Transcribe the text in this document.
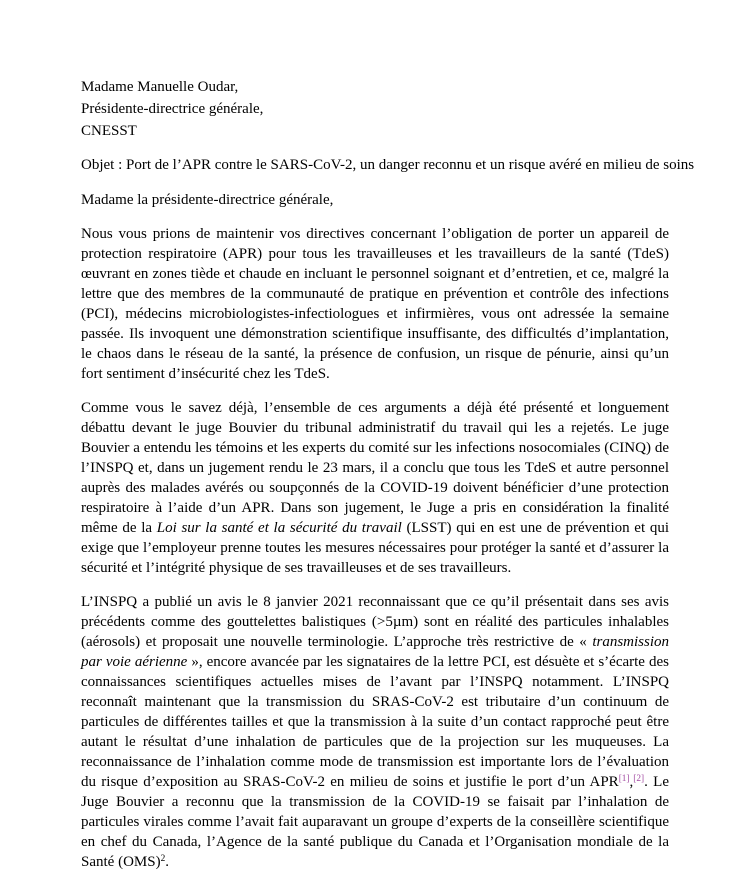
Madame Manuelle Oudar,
Présidente-directrice générale,
CNESST
Objet : Port de l’APR contre le SARS-CoV-2, un danger reconnu et un risque avéré en milieu de soins
Madame la présidente-directrice générale,

Nous vous prions de maintenir vos directives concernant l’obligation de porter un appareil de protection respiratoire (APR) pour tous les travailleuses et les travailleurs de la santé (TdeS) œuvrant en zones tiède et chaude en incluant le personnel soignant et d’entretien, et ce, malgré la lettre que des membres de la communauté de pratique en prévention et contrôle des infections (PCI), médecins microbiologistes-infectiologues et infirmières, vous ont adressée la semaine passée. Ils invoquent une démonstration scientifique insuffisante, des difficultés d’implantation, le chaos dans le réseau de la santé, la présence de confusion, un risque de pénurie, ainsi qu’un fort sentiment d’insécurité chez les TdeS.

Comme vous le savez déjà, l’ensemble de ces arguments a déjà été présenté et longuement débattu devant le juge Bouvier du tribunal administratif du travail qui les a rejetés. Le juge Bouvier a entendu les témoins et les experts du comité sur les infections nosocomiales (CINQ) de l’INSPQ et, dans un jugement rendu le 23 mars, il a conclu que tous les TdeS et autre personnel auprès des malades avérés ou soupçonnés de la COVID-19 doivent bénéficier d’une protection respiratoire à l’aide d’un APR. Dans son jugement, le Juge a pris en considération la finalité même de la Loi sur la santé et la sécurité du travail (LSST) qui en est une de prévention et qui exige que l’employeur prenne toutes les mesures nécessaires pour protéger la santé et d’assurer la sécurité et l’intégrité physique de ses travailleuses et de ses travailleurs.

L’INSPQ a publié un avis le 8 janvier 2021 reconnaissant que ce qu’il présentait dans ses avis précédents comme des gouttelettes balistiques (>5µm) sont en réalité des particules inhalables (aérosols) et proposait une nouvelle terminologie. L’approche très restrictive de « transmission par voie aérienne », encore avancée par les signataires de la lettre PCI, est désuète et s’écarte des connaissances scientifiques actuelles mises de l’avant par l’INSPQ notamment. L’INSPQ reconnaît maintenant que la transmission du SRAS-CoV-2 est tributaire d’un continuum de particules de différentes tailles et que la transmission à la suite d’un contact rapproché peut être autant le résultat d’une inhalation de particules que de la projection sur les muqueuses. La reconnaissance de l’inhalation comme mode de transmission est importante lors de l’évaluation du risque d’exposition au SRAS-CoV-2 en milieu de soins et justifie le port d’un APR[1],[2]. Le Juge Bouvier a reconnu que la transmission de la COVID-19 se faisait par l’inhalation de particules virales comme l’avait fait auparavant un groupe d’experts de la conseillère scientifique en chef du Canada, l’Agence de la santé publique du Canada et l’Organisation mondiale de la Santé (OMS)$^2$.
